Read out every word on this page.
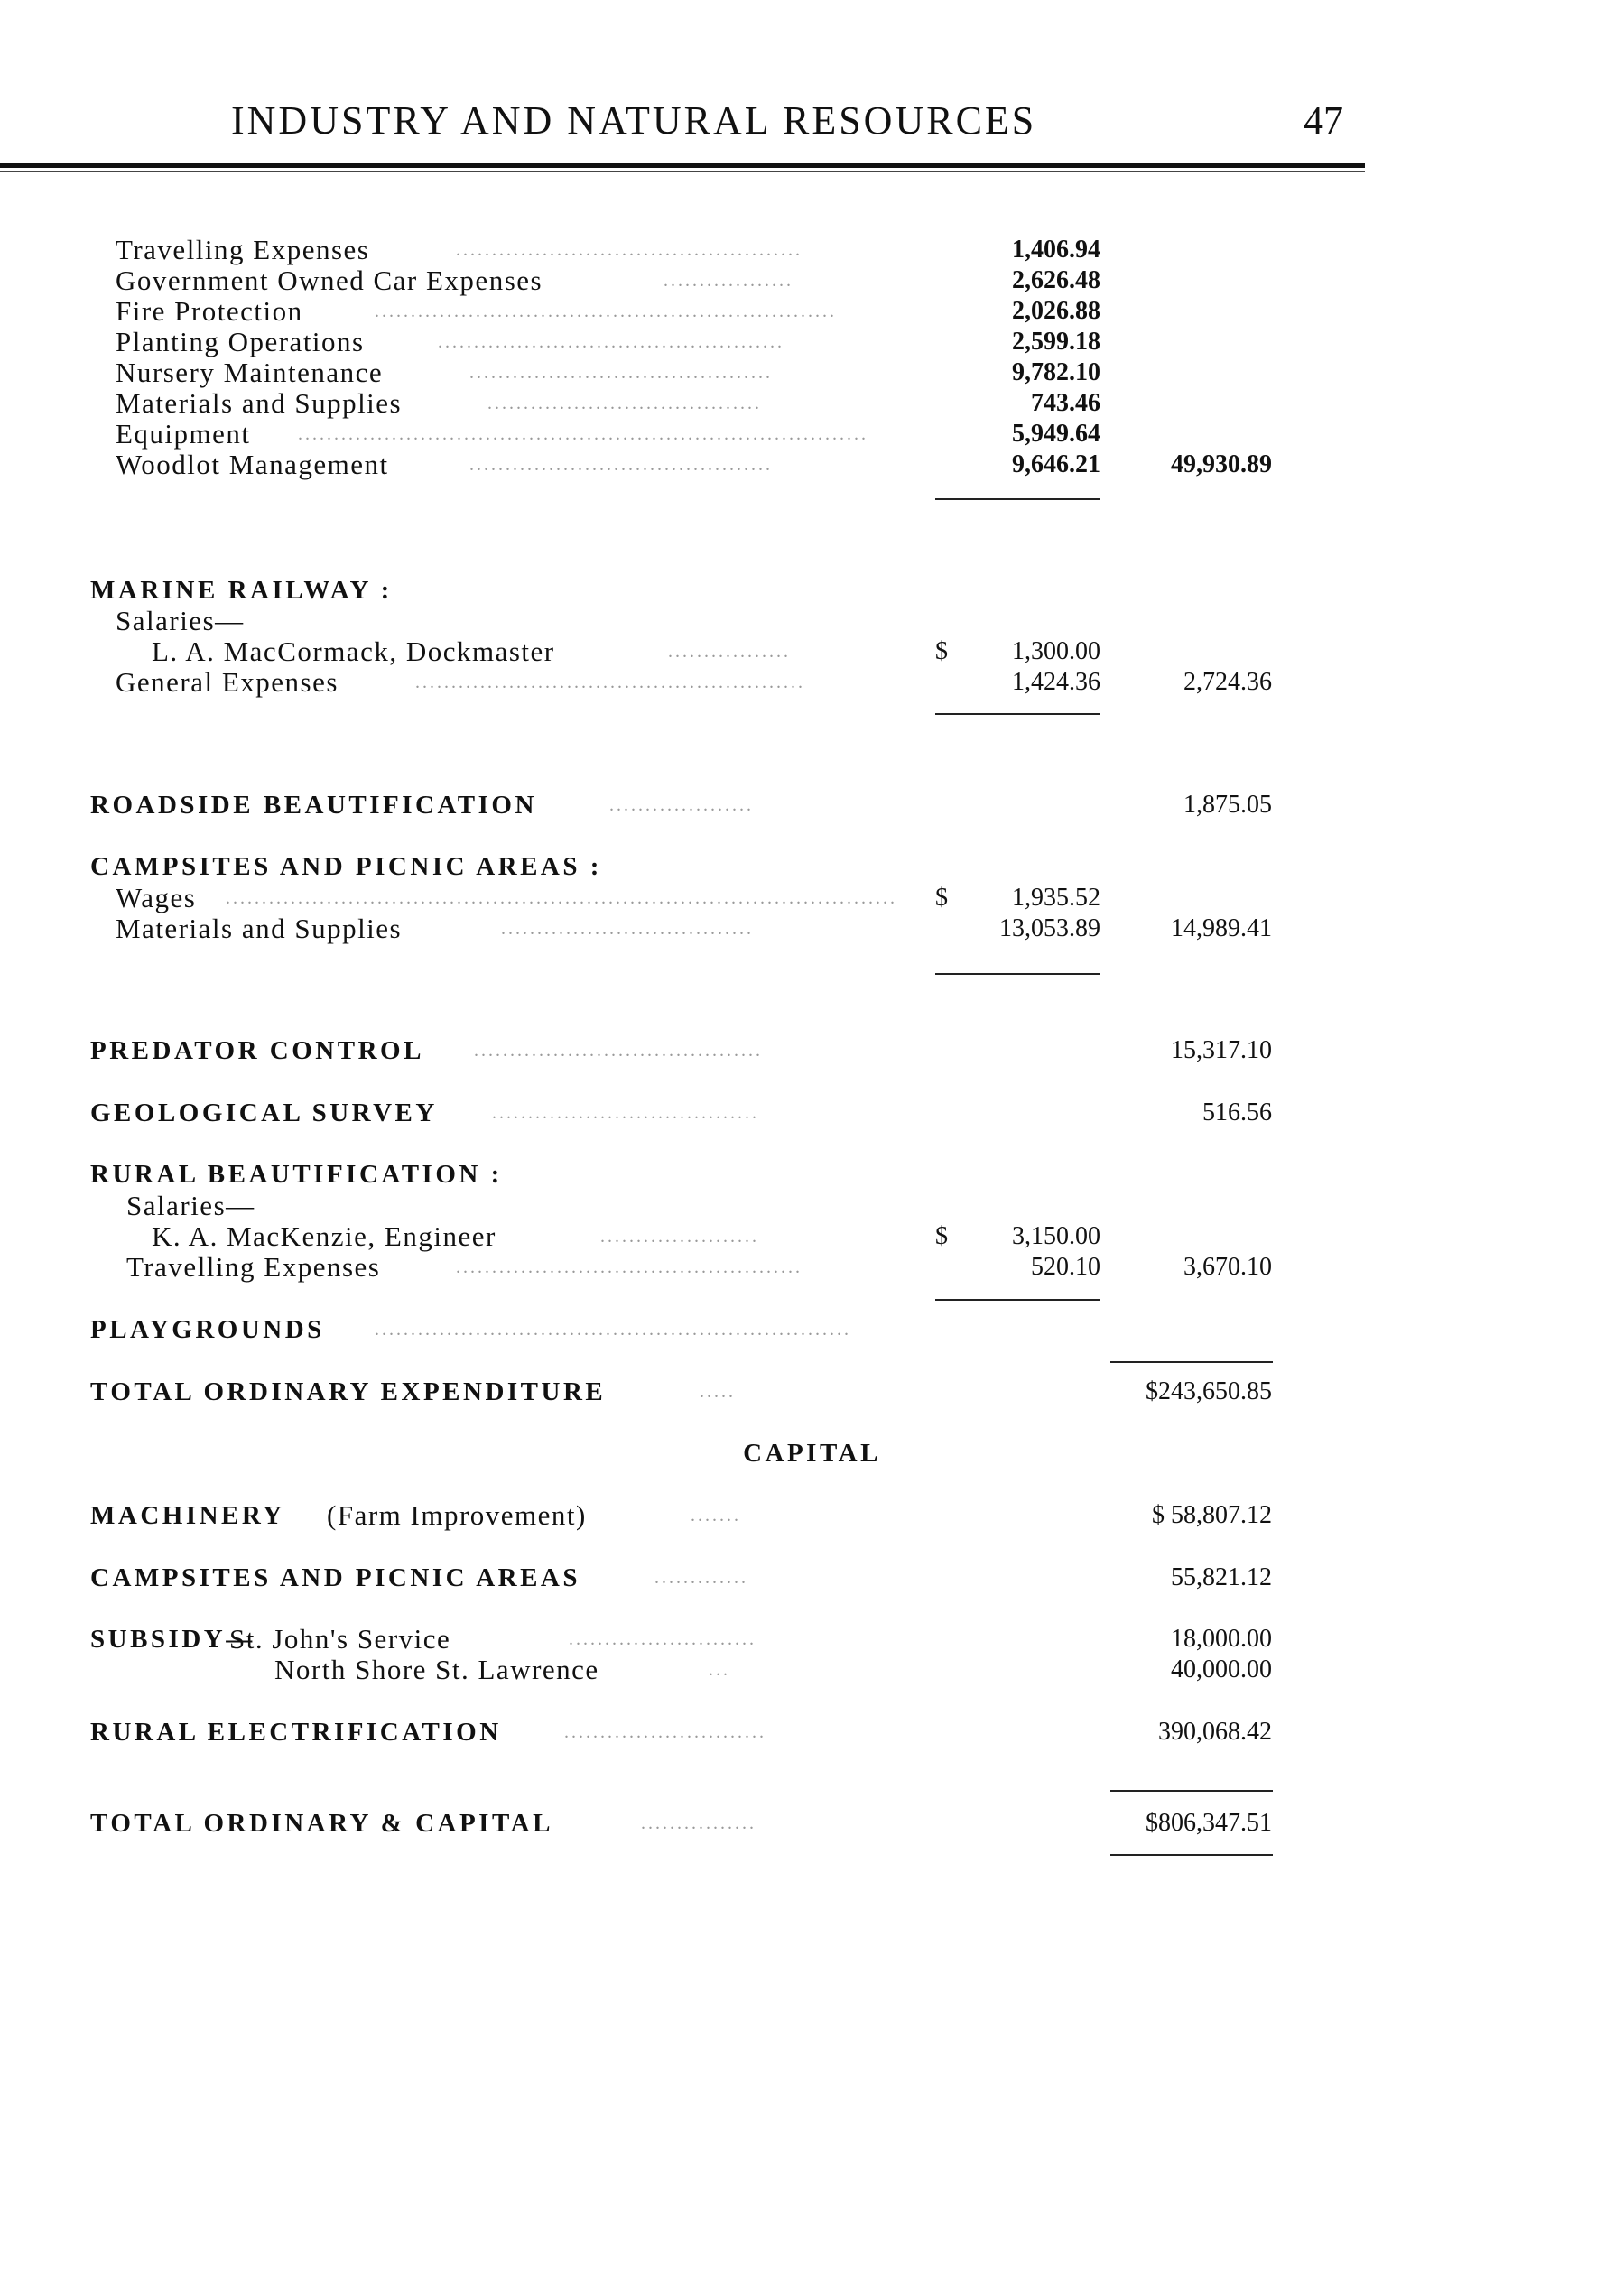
INDUSTRY AND NATURAL RESOURCES	47
Travelling Expenses	................................................	1,406.94
Government Owned Car Expenses	..................	2,626.48
Fire Protection	................................................................	2,026.88
Planting Operations	................................................	2,599.18
Nursery Maintenance	..........................................	9,782.10
Materials and Supplies	......................................	743.46
Equipment	...............................................................................	5,949.64
Woodlot Management	..........................................	9,646.21	49,930.89
MARINE RAILWAY :
Salaries—
L. A. MacCormack, Dockmaster	.................	$	1,300.00
General Expenses	......................................................	1,424.36	2,724.36
ROADSIDE BEAUTIFICATION	....................	1,875.05
CAMPSITES AND PICNIC AREAS :
Wages ............................................................................................. $	1,935.52
Materials and Supplies	...................................	13,053.89	14,989.41
PREDATOR CONTROL	........................................	15,317.10
GEOLOGICAL SURVEY	.....................................	516.56
RURAL BEAUTIFICATION :
Salaries—
K. A. MacKenzie, Engineer	......................	$	3,150.00
Travelling Expenses	................................................	520.10	3,670.10
PLAYGROUNDS	..................................................................
TOTAL ORDINARY EXPENDITURE	.....	$243,650.85
CAPITAL
MACHINERY (Farm Improvement)	.......	$ 58,807.12
CAMPSITES AND PICNIC AREAS	.............	55,821.12
SUBSIDY—
St. John's Service	..........................	18,000.00
North Shore St. Lawrence	...	40,000.00
RURAL ELECTRIFICATION	............................	390,068.42
TOTAL ORDINARY & CAPITAL	................	$806,347.51
